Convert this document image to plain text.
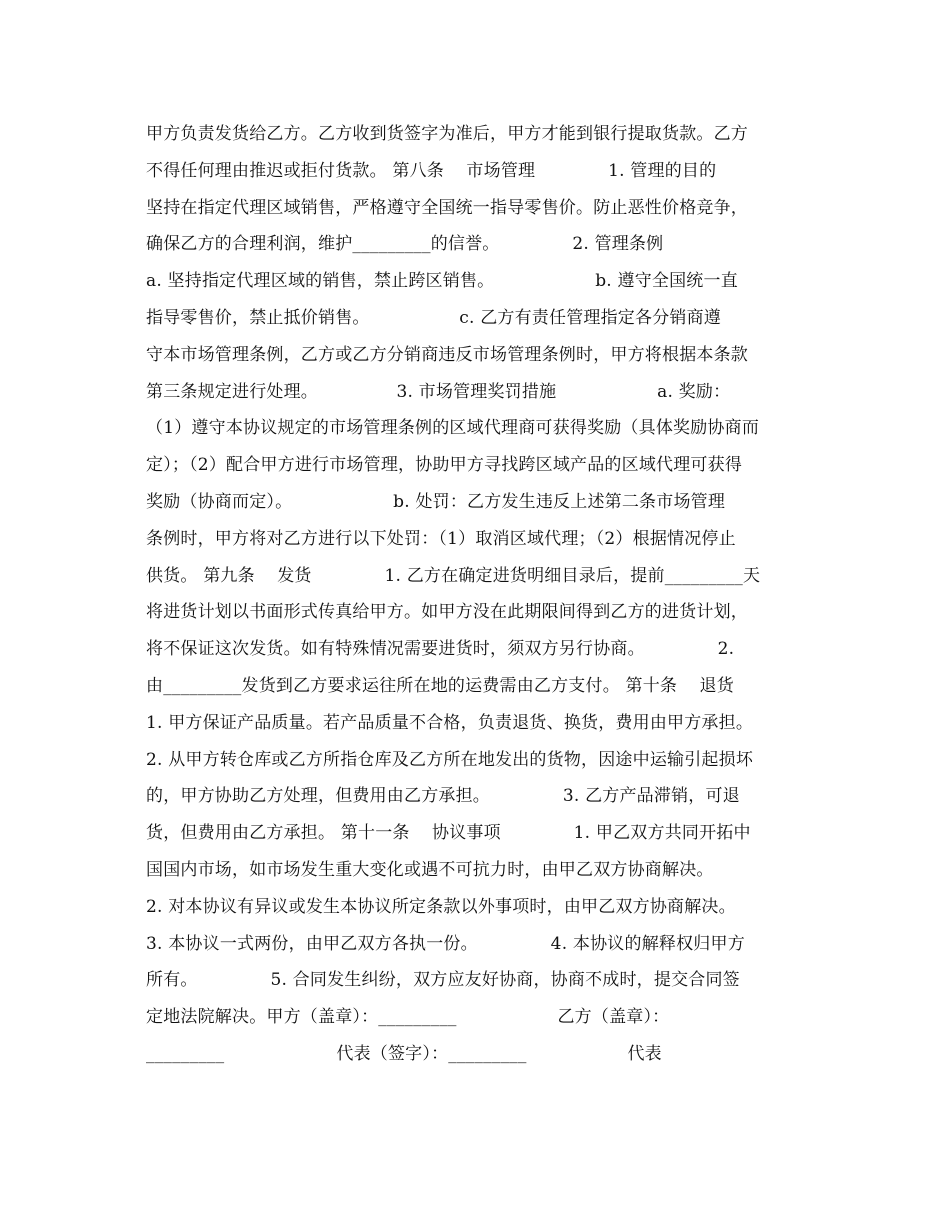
甲方负责发货给乙方。乙方收到货签字为准后，甲方才能到银行提取货款。乙方
不得任何理由推迟或拒付货款。 第八条    市场管理             1. 管理的目的
坚持在指定代理区域销售，严格遵守全国统一指导零售价。防止恶性价格竞争，
确保乙方的合理利润，维护_________的信誉。             2. 管理条例
a. 坚持指定代理区域的销售，禁止跨区销售。                  b. 遵守全国统一直
指导零售价，禁止抵价销售。                c. 乙方有责任管理指定各分销商遵
守本市场管理条例，乙方或乙方分销商违反市场管理条例时，甲方将根据本条款
第三条规定进行处理。              3. 市场管理奖罚措施                  a. 奖励：
（1）遵守本协议规定的市场管理条例的区域代理商可获得奖励（具体奖励协商而
定）；（2）配合甲方进行市场管理，协助甲方寻找跨区域产品的区域代理可获得
奖励（协商而定）。                  b. 处罚：乙方发生违反上述第二条市场管理
条例时，甲方将对乙方进行以下处罚：（1）取消区域代理；（2）根据情况停止
供货。 第九条    发货             1. 乙方在确定进货明细目录后，提前_________天
将进货计划以书面形式传真给甲方。如甲方没在此期限间得到乙方的进货计划，
将不保证这次发货。如有特殊情况需要进货时，须双方另行协商。             2.
由_________发货到乙方要求运往所在地的运费需由乙方支付。 第十条    退货
1. 甲方保证产品质量。若产品质量不合格，负责退货、换货，费用由甲方承担。
2. 从甲方转仓库或乙方所指仓库及乙方所在地发出的货物，因途中运输引起损坏
的，甲方协助乙方处理，但费用由乙方承担。             3. 乙方产品滞销，可退
货，但费用由乙方承担。 第十一条    协议事项             1. 甲乙双方共同开拓中
国国内市场，如市场发生重大变化或遇不可抗力时，由甲乙双方协商解决。
2. 对本协议有异议或发生本协议所定条款以外事项时，由甲乙双方协商解决。
3. 本协议一式两份，由甲乙双方各执一份。             4. 本协议的解释权归甲方
所有。             5. 合同发生纠纷，双方应友好协商，协商不成时，提交合同签
定地法院解决。甲方（盖章）：_________                  乙方（盖章）：
_________                    代表（签字）：_________                  代表
